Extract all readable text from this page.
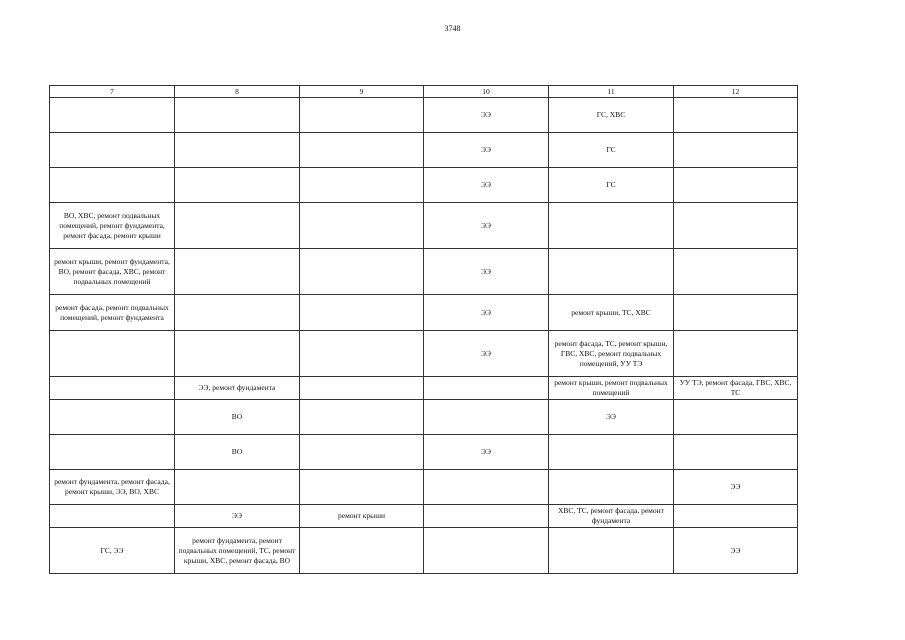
3748
7	8	9	10	11	12
			ЭЭ	ГС, ХВС	
			ЭЭ	ГС	
			ЭЭ	ГС	
ВО, ХВС, ремонт подвальных помещений, ремонт фундамента, ремонт фасада, ремонт крыши			ЭЭ		
ремонт крыши, ремонт фундамента, ВО, ремонт фасада, ХВС, ремонт подвальных помещений			ЭЭ		
ремонт фасада, ремонт подвальных помещений, ремонт фундамента			ЭЭ	ремонт крыши, ТС, ХВС	
			ЭЭ	ремонт фасада, ТС, ремонт крыши, ГВС, ХВС, ремонт подвальных помещений, УУ ТЭ	
	ЭЭ, ремонт фундамента			ремонт крыши, ремонт подвальных помещений	УУ ТЭ, ремонт фасада, ГВС, ХВС, ТС
	ВО			ЭЭ	
	ВО		ЭЭ		
ремонт фундамента, ремонт фасада, ремонт крыши, ЭЭ, ВО, ХВС					ЭЭ
	ЭЭ	ремонт крыши		ХВС, ТС, ремонт фасада, ремонт фундамента	
ГС, ЭЭ	ремонт фундамента, ремонт подвальных помещений, ТС, ремонт крыши, ХВС, ремонт фасада, ВО				ЭЭ
